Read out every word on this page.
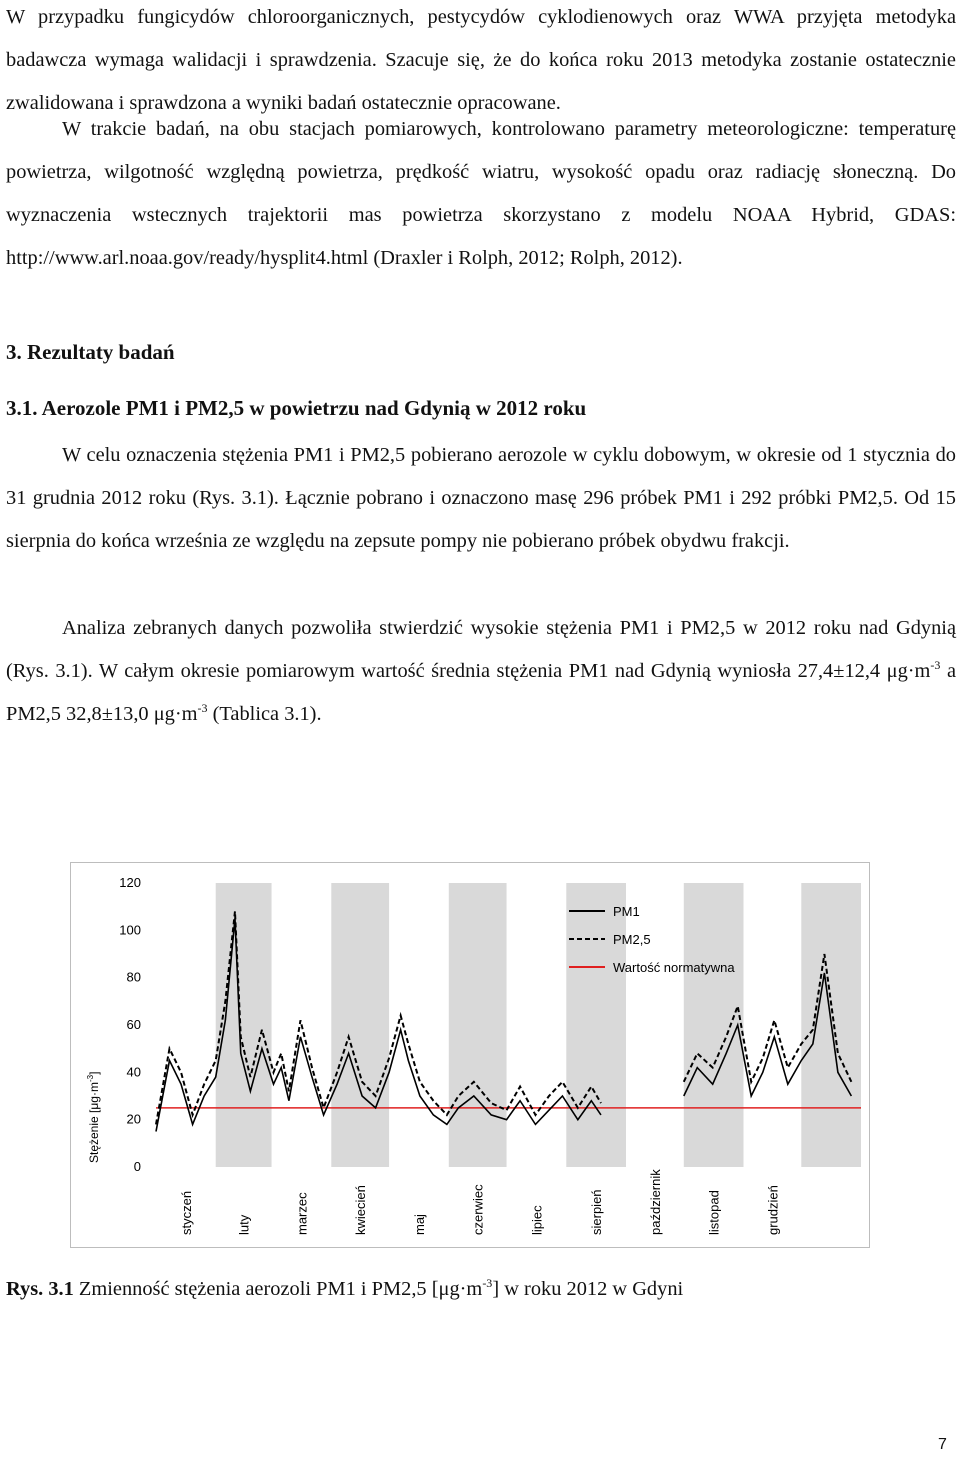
W przypadku fungicydów chloroorganicznych, pestycydów cyklodienowych oraz WWA przyjęta metodyka badawcza wymaga walidacji i sprawdzenia. Szacuje się, że do końca roku 2013 metodyka zostanie ostatecznie zwalidowana i sprawdzona a wyniki badań ostatecznie opracowane.

W trakcie badań, na obu stacjach pomiarowych, kontrolowano parametry meteorologiczne: temperaturę powietrza, wilgotność względną powietrza, prędkość wiatru, wysokość opadu oraz radiację słoneczną. Do wyznaczenia wstecznych trajektorii mas powietrza skorzystano z modelu NOAA Hybrid, GDAS: http://www.arl.noaa.gov/ready/hysplit4.html (Draxler i Rolph, 2012; Rolph, 2012).

3. Rezultaty badań
3.1. Aerozole PM1 i PM2,5 w powietrzu nad Gdynią w 2012 roku

W celu oznaczenia stężenia PM1 i PM2,5 pobierano aerozole w cyklu dobowym, w okresie od 1 stycznia do 31 grudnia 2012 roku (Rys. 3.1). Łącznie pobrano i oznaczono masę 296 próbek PM1 i 292 próbki PM2,5. Od 15 sierpnia do końca września ze względu na zepsute pompy nie pobierano próbek obydwu frakcji.

Analiza zebranych danych pozwoliła stwierdzić wysokie stężenia PM1 i PM2,5 w 2012 roku nad Gdynią (Rys. 3.1). W całym okresie pomiarowym wartość średnia stężenia PM1 nad Gdynią wyniosła 27,4±12,4 $\mu g\cdot m^{-3}$ a PM2,5 32,8±13,0 $\mu g\cdot m^{-3}$ (Tablica 3.1).

0
20
40
60
80
100
120
styczeń	luty	marzec	kwiecień	maj	czerwiec	lipiec	sierpień	październik	listopad	grudzień
PM1
PM2,5
Wartość normatywna
Stężenie $[\mu g\cdot m^{-3}]$

Rys. 3.1 Zmienność stężenia aerozoli PM1 i PM2,5 $[\mu g\cdot m^{-3}]$ w roku 2012 w Gdyni

7
